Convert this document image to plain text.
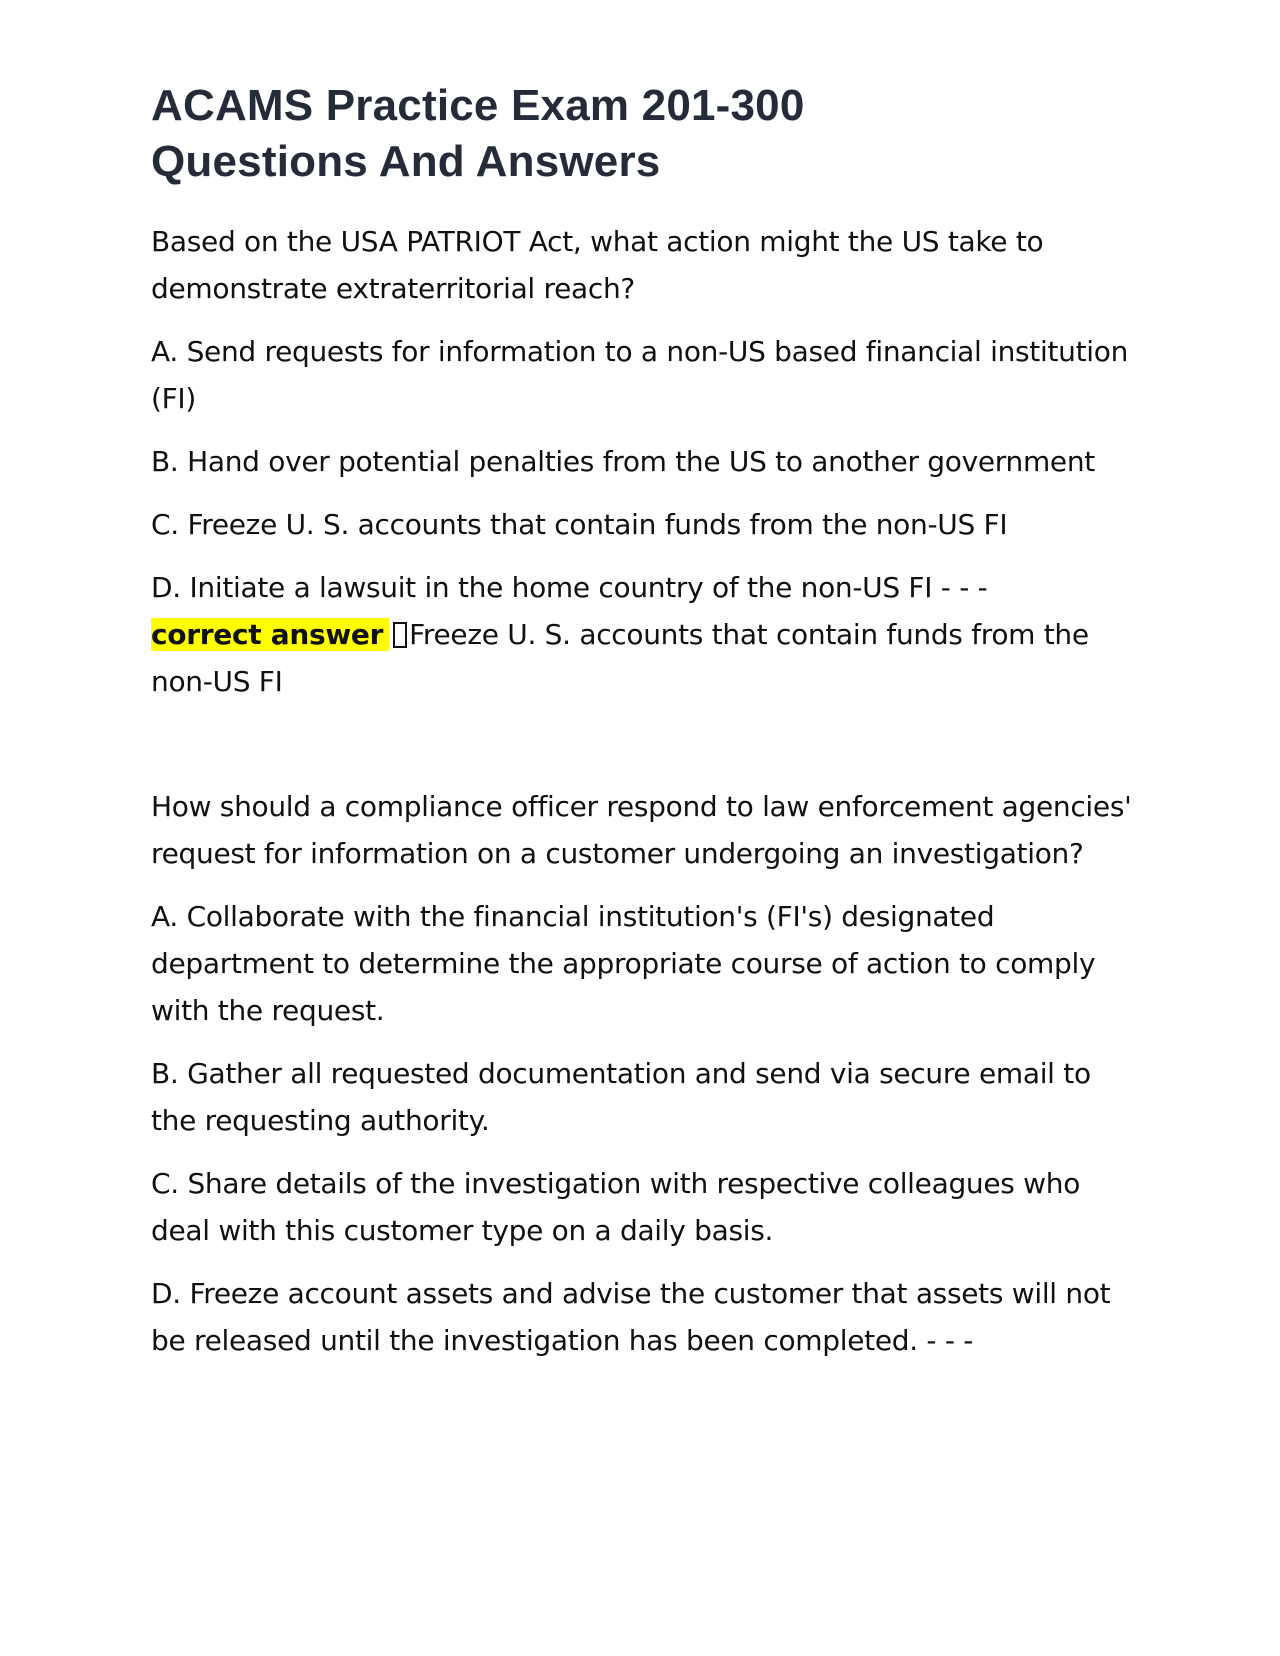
ACAMS Practice Exam 201-300
Questions And Answers

Based on the USA PATRIOT Act, what action might the US take to demonstrate extraterritorial reach?

A. Send requests for information to a non-US based financial institution (FI)

B. Hand over potential penalties from the US to another government

C. Freeze U. S. accounts that contain funds from the non-US FI

D. Initiate a lawsuit in the home country of the non-US FI - - -
correct answer Freeze U. S. accounts that contain funds from the non-US FI

How should a compliance officer respond to law enforcement agencies' request for information on a customer undergoing an investigation?

A. Collaborate with the financial institution's (FI's) designated department to determine the appropriate course of action to comply with the request.

B. Gather all requested documentation and send via secure email to the requesting authority.

C. Share details of the investigation with respective colleagues who deal with this customer type on a daily basis.

D. Freeze account assets and advise the customer that assets will not be released until the investigation has been completed. - - -
